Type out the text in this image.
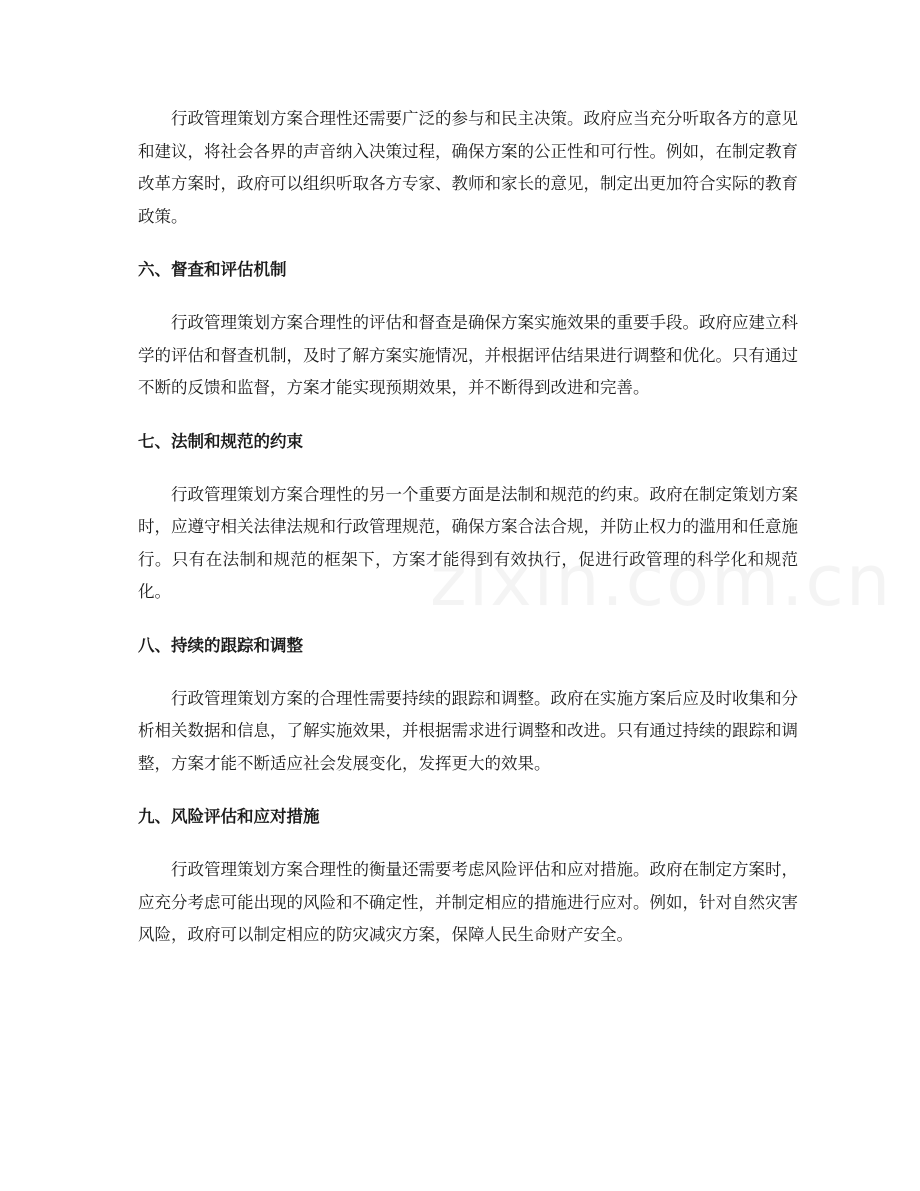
行政管理策划方案合理性还需要广泛的参与和民主决策。政府应当充分听取各方的意见和建议，将社会各界的声音纳入决策过程，确保方案的公正性和可行性。例如，在制定教育改革方案时，政府可以组织听取各方专家、教师和家长的意见，制定出更加符合实际的教育政策。

六、督查和评估机制

行政管理策划方案合理性的评估和督查是确保方案实施效果的重要手段。政府应建立科学的评估和督查机制，及时了解方案实施情况，并根据评估结果进行调整和优化。只有通过不断的反馈和监督，方案才能实现预期效果，并不断得到改进和完善。

七、法制和规范的约束

行政管理策划方案合理性的另一个重要方面是法制和规范的约束。政府在制定策划方案时，应遵守相关法律法规和行政管理规范，确保方案合法合规，并防止权力的滥用和任意施行。只有在法制和规范的框架下，方案才能得到有效执行，促进行政管理的科学化和规范化。

八、持续的跟踪和调整

行政管理策划方案的合理性需要持续的跟踪和调整。政府在实施方案后应及时收集和分析相关数据和信息，了解实施效果，并根据需求进行调整和改进。只有通过持续的跟踪和调整，方案才能不断适应社会发展变化，发挥更大的效果。

九、风险评估和应对措施

行政管理策划方案合理性的衡量还需要考虑风险评估和应对措施。政府在制定方案时，应充分考虑可能出现的风险和不确定性，并制定相应的措施进行应对。例如，针对自然灾害风险，政府可以制定相应的防灾减灾方案，保障人民生命财产安全。
